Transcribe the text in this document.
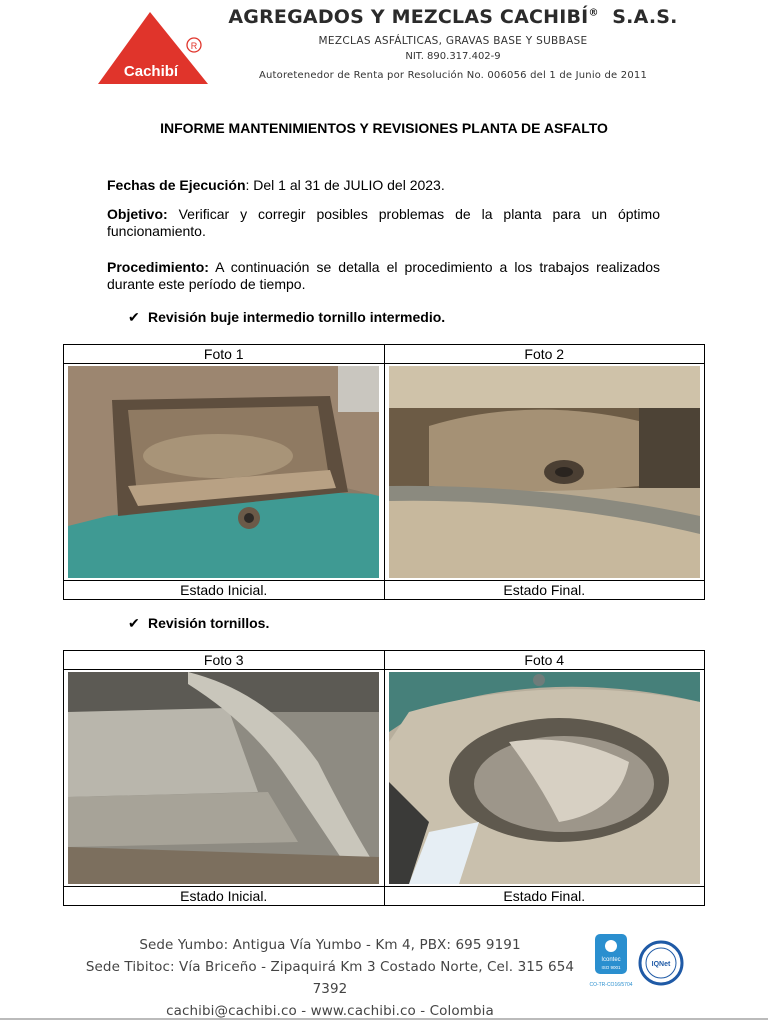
Cachibí
R
AGREGADOS Y MEZCLAS CACHIBÍ® S.A.S.
MEZCLAS ASFÁLTICAS, GRAVAS BASE Y SUBBASE
NIT. 890.317.402-9
Autoretenedor de Renta por Resolución No. 006056 del 1 de Junio de 2011
INFORME MANTENIMIENTOS Y REVISIONES PLANTA DE ASFALTO
Fechas de Ejecución: Del 1 al 31 de JULIO del 2023.
Objetivo: Verificar y corregir posibles problemas de la planta para un óptimo funcionamiento.
Procedimiento: A continuación se detalla el procedimiento a los trabajos realizados durante este período de tiempo.
✔ Revisión buje intermedio tornillo intermedio.
Foto 1	Foto 2

Estado Inicial.	Estado Final.
✔ Revisión tornillos.
Foto 3	Foto 4

Estado Inicial.	Estado Final.
Sede Yumbo: Antigua Vía Yumbo - Km 4, PBX: 695 9191
Sede Tibitoc: Vía Briceño - Zipaquirá Km 3 Costado Norte, Cel. 315 654 7392
cachibi@cachibi.co - www.cachibi.co - Colombia
Icontec
ISO 9001
CO-TR-CO16/5704
IQNet
